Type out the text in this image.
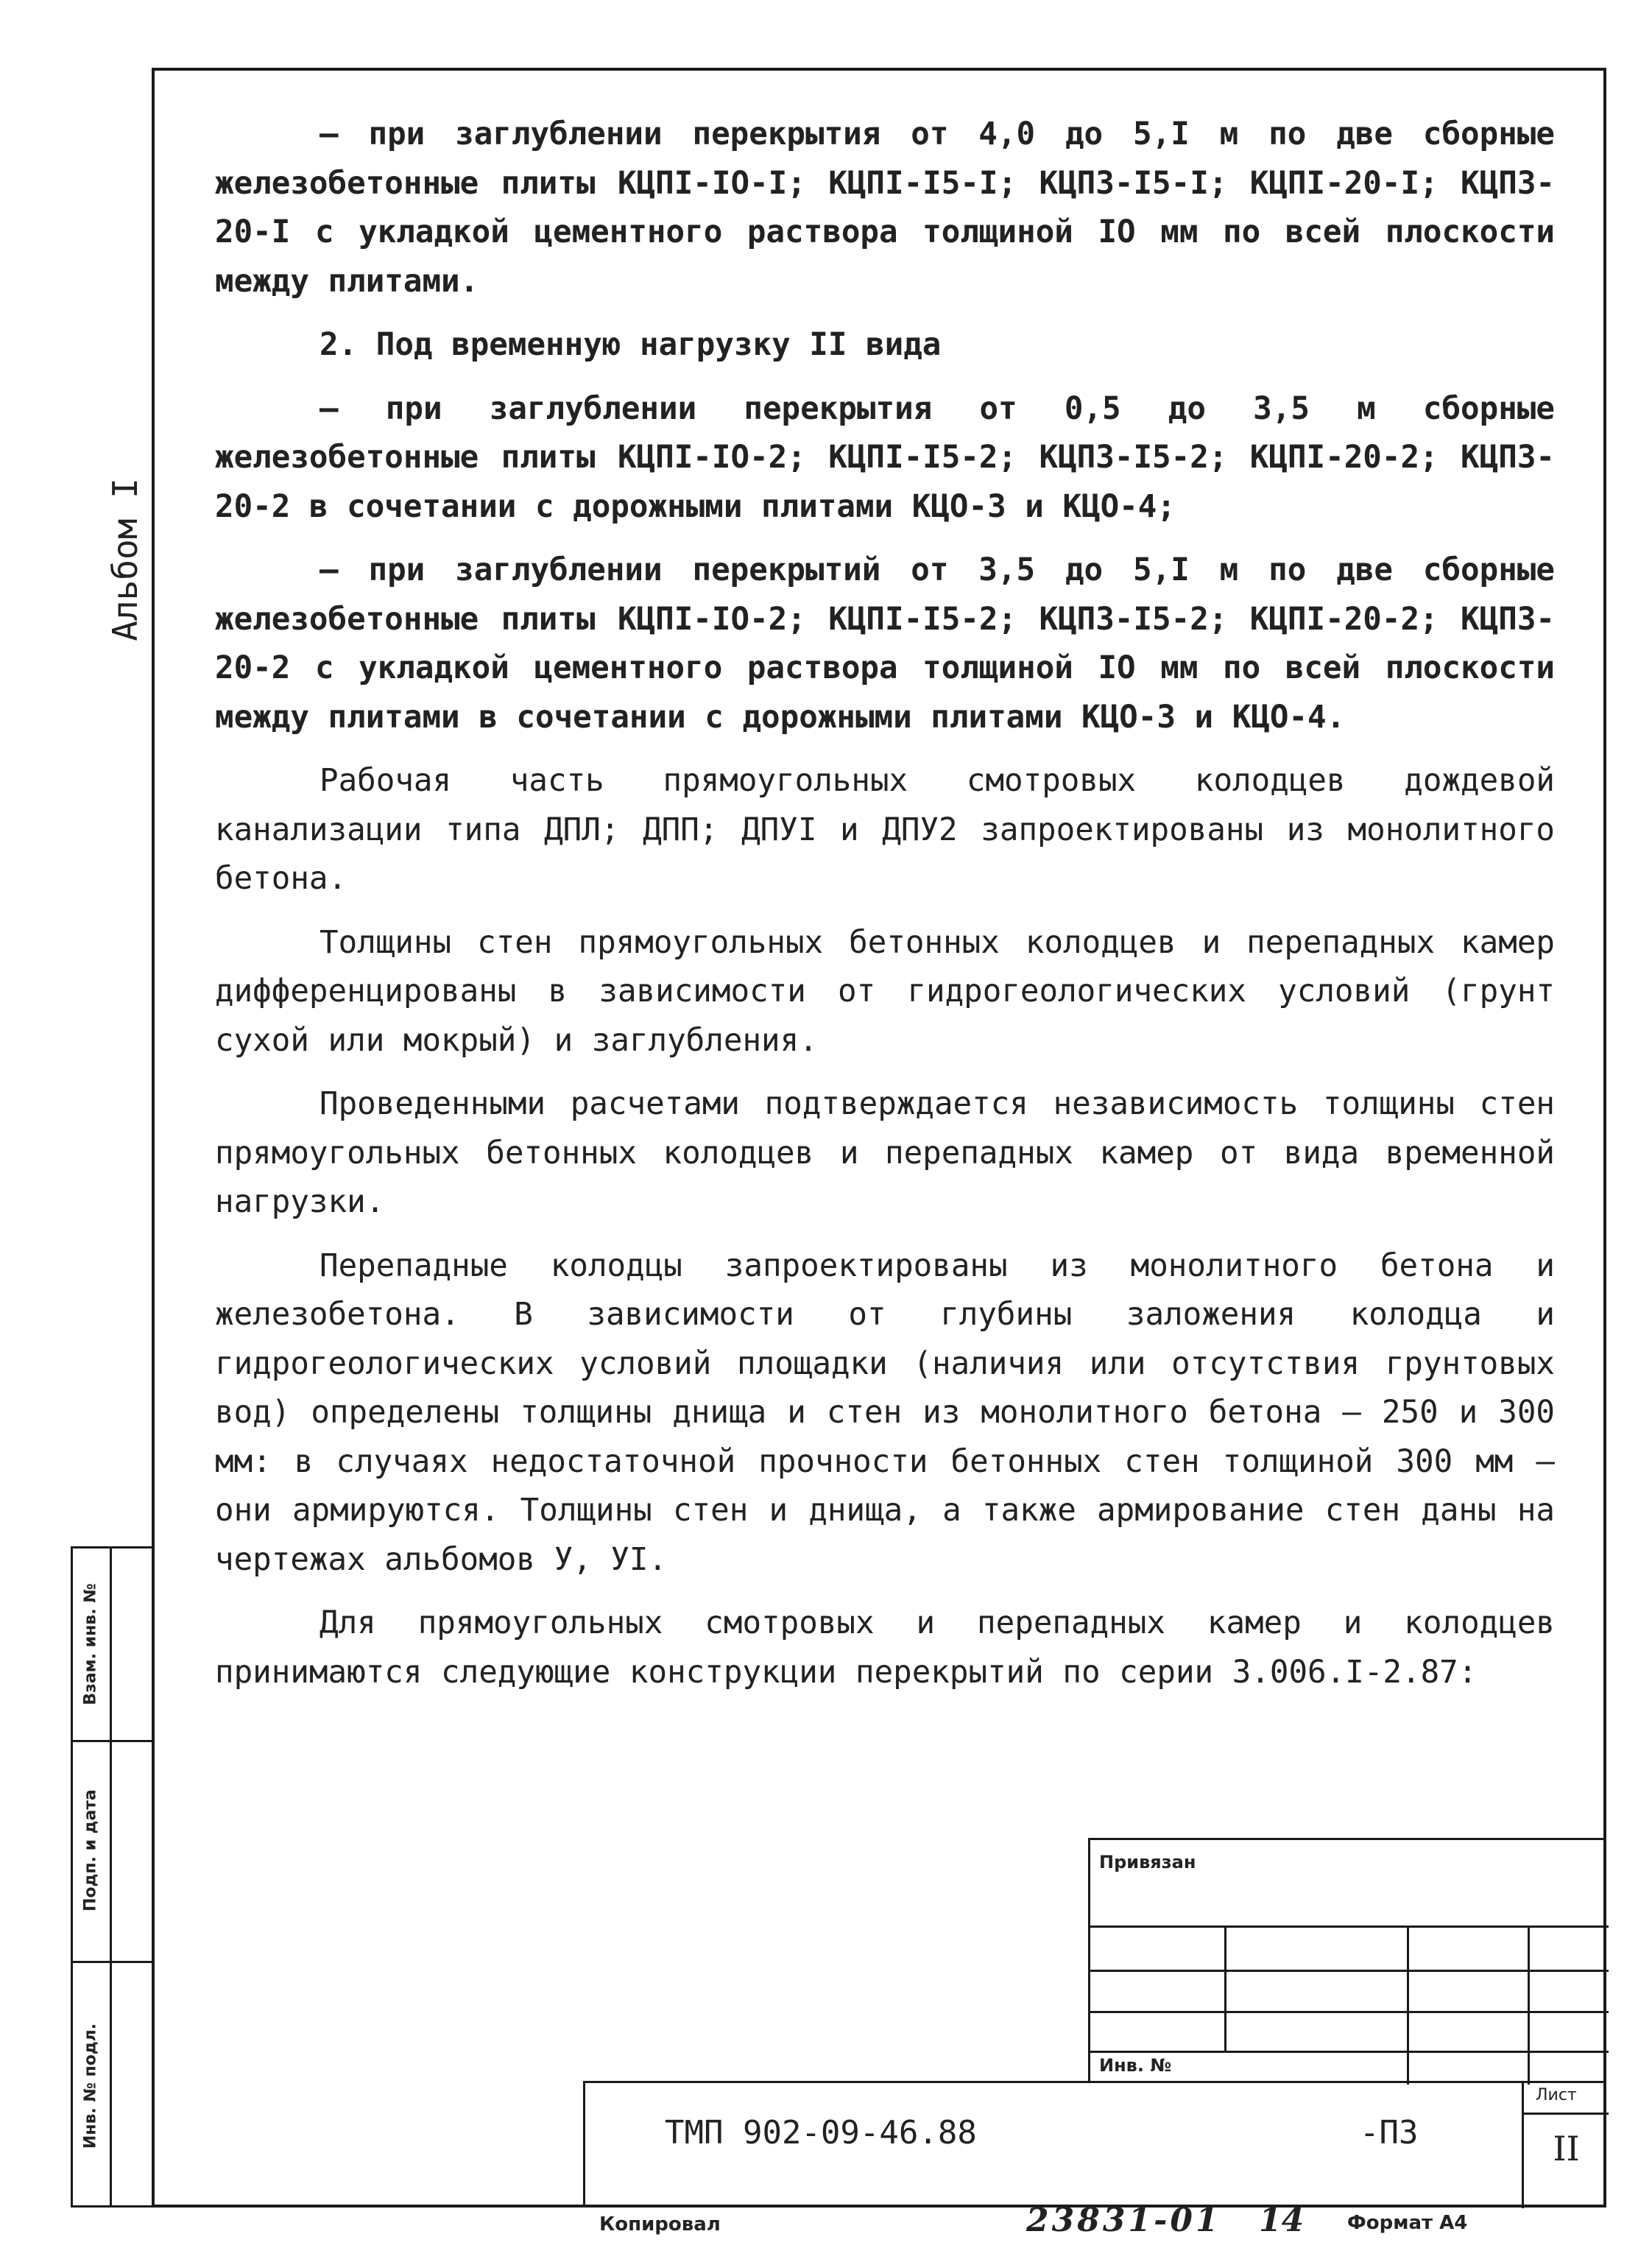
Альбом I
Взам. инв. №
Подп. и дата
Инв. № подл.

– при заглублении перекрытия от 4,0 до 5,I м по две сборные железобетонные плиты КЦПI-IO-I; КЦПI-I5-I; КЦП3-I5-I; КЦПI-20-I; КЦП3-20-I с укладкой цементного раствора толщиной IO мм по всей плоскости между плитами.

2. Под временную нагрузку II вида

– при заглублении перекрытия от 0,5 до 3,5 м сборные железобетонные плиты КЦПI-IO-2; КЦПI-I5-2; КЦП3-I5-2; КЦПI-20-2; КЦП3-20-2 в сочетании с дорожными плитами КЦО-3 и КЦО-4;

– при заглублении перекрытий от 3,5 до 5,I м по две сборные железобетонные плиты КЦПI-IO-2; КЦПI-I5-2; КЦП3-I5-2; КЦПI-20-2; КЦП3-20-2 с укладкой цементного раствора толщиной IO мм по всей плоскости между плитами в сочетании с дорожными плитами КЦО-3 и КЦО-4.

Рабочая часть прямоугольных смотровых колодцев дождевой канализации типа ДПЛ; ДПП; ДПУI и ДПУ2 запроектированы из монолитного бетона.

Толщины стен прямоугольных бетонных колодцев и перепадных камер дифференцированы в зависимости от гидрогеологических условий (грунт сухой или мокрый) и заглубления.

Проведенными расчетами подтверждается независимость толщины стен прямоугольных бетонных колодцев и перепадных камер от вида временной нагрузки.

Перепадные колодцы запроектированы из монолитного бетона и железобетона. В зависимости от глубины заложения колодца и гидрогеологических условий площадки (наличия или отсутствия грунтовых вод) определены толщины днища и стен из монолитного бетона – 250 и 300 мм: в случаях недостаточной прочности бетонных стен толщиной 300 мм – они армируются. Толщины стен и днища, а также армирование стен даны на чертежах альбомов У, УI.

Для прямоугольных смотровых и перепадных камер и колодцев принимаются следующие конструкции перекрытий по серии 3.006.I-2.87:

Привязан
Инв. №
ТМП 902-09-46.88	-ПЗ
Лист
II
Копировал	23831-01 14 Формат А4
